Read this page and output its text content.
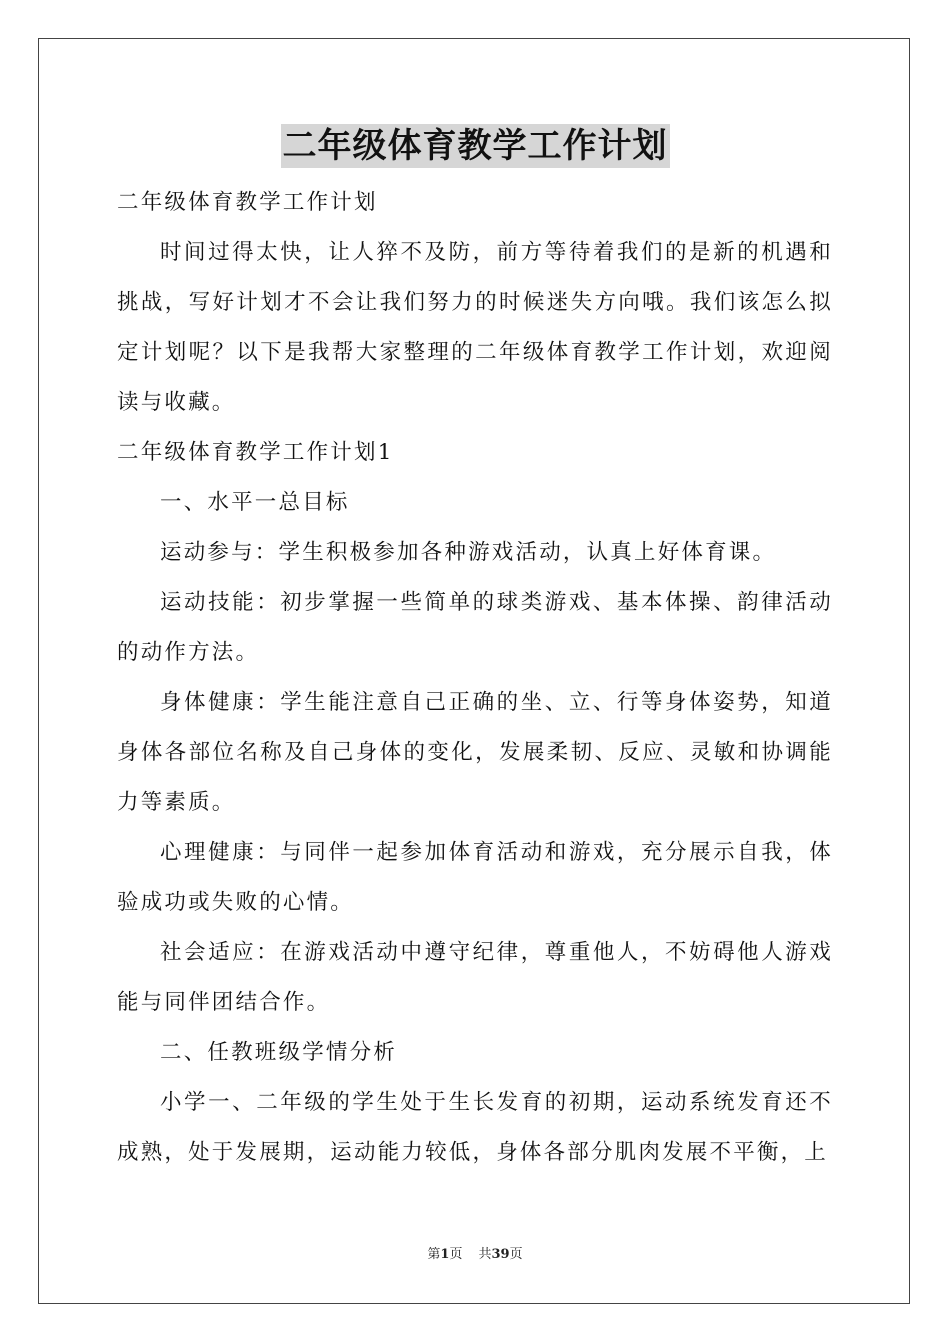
二年级体育教学工作计划

二年级体育教学工作计划

时间过得太快，让人猝不及防，前方等待着我们的是新的机遇和挑战，写好计划才不会让我们努力的时候迷失方向哦。我们该怎么拟定计划呢？以下是我帮大家整理的二年级体育教学工作计划，欢迎阅读与收藏。

二年级体育教学工作计划1

一、水平一总目标

运动参与：学生积极参加各种游戏活动，认真上好体育课。

运动技能：初步掌握一些简单的球类游戏、基本体操、韵律活动的动作方法。

身体健康：学生能注意自己正确的坐、立、行等身体姿势，知道身体各部位名称及自己身体的变化，发展柔韧、反应、灵敏和协调能力等素质。

心理健康：与同伴一起参加体育活动和游戏，充分展示自我，体验成功或失败的心情。

社会适应：在游戏活动中遵守纪律，尊重他人，不妨碍他人游戏能与同伴团结合作。

二、任教班级学情分析

小学一、二年级的学生处于生长发育的初期，运动系统发育还不成熟，处于发展期，运动能力较低，身体各部分肌肉发展不平衡，上

第1页 共39页
